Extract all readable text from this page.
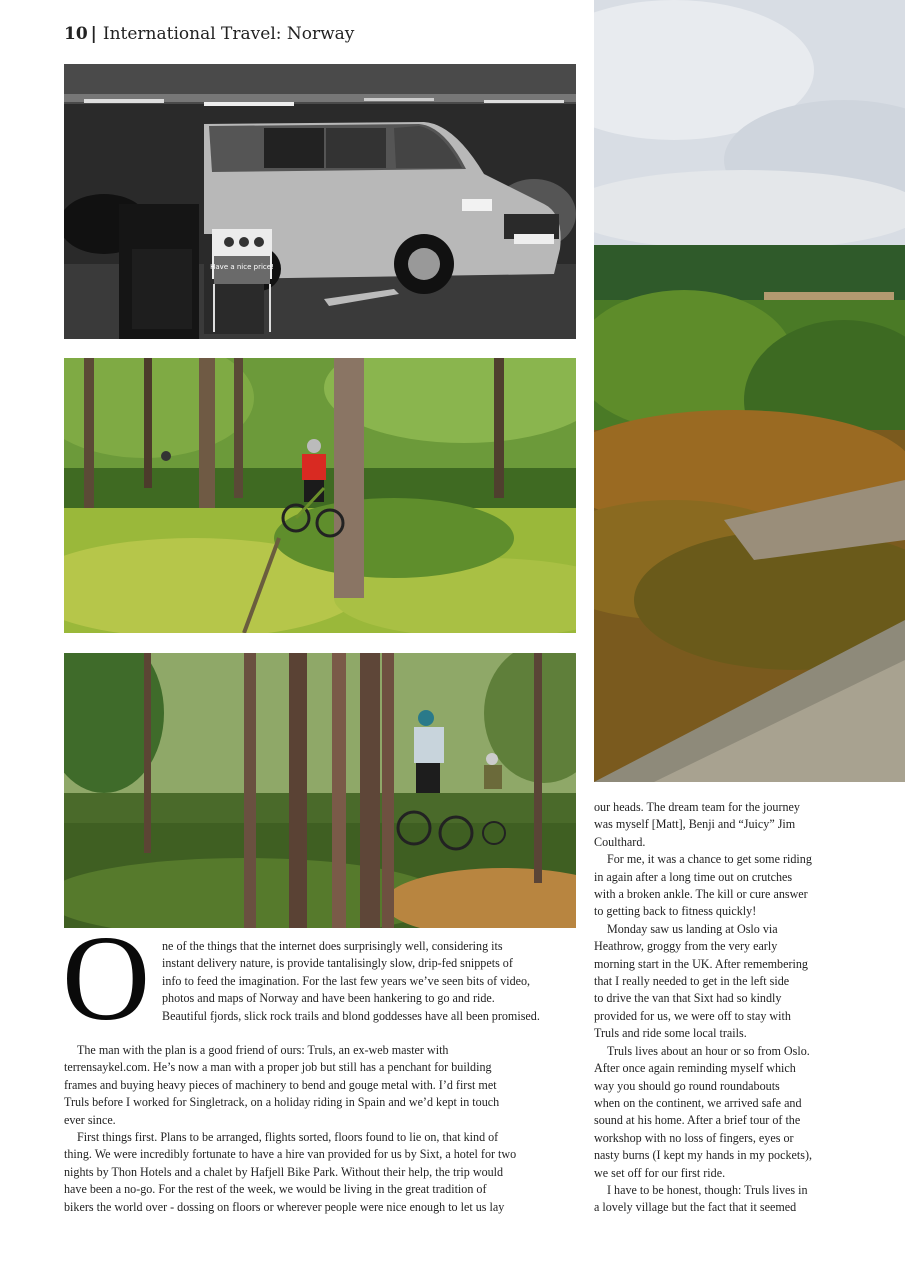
10 | International Travel: Norway
Have a nice price!
O ne of the things that the internet does surprisingly well, considering its

instant delivery nature, is provide tantalisingly slow, drip-fed snippets of

info to feed the imagination. For the last few years we’ve seen bits of video,

photos and maps of Norway and have been hankering to go and ride.

Beautiful fjords, slick rock trails and blond goddesses have all been promised.

The man with the plan is a good friend of ours: Truls, an ex-web master with

terrensaykel.com. He’s now a man with a proper job but still has a penchant for building

frames and buying heavy pieces of machinery to bend and gouge metal with. I’d first met

Truls before I worked for Singletrack, on a holiday riding in Spain and we’d kept in touch

ever since.

First things first. Plans to be arranged, flights sorted, floors found to lie on, that kind of

thing. We were incredibly fortunate to have a hire van provided for us by Sixt, a hotel for two

nights by Thon Hotels and a chalet by Hafjell Bike Park. Without their help, the trip would

have been a no-go. For the rest of the week, we would be living in the great tradition of

bikers the world over - dossing on floors or wherever people were nice enough to let us lay

our heads. The dream team for the journey

was myself [Matt], Benji and “Juicy” Jim

Coulthard.

For me, it was a chance to get some riding

in again after a long time out on crutches

with a broken ankle. The kill or cure answer

to getting back to fitness quickly!

Monday saw us landing at Oslo via

Heathrow, groggy from the very early

morning start in the UK. After remembering

that I really needed to get in the left side

to drive the van that Sixt had so kindly

provided for us, we were off to stay with

Truls and ride some local trails.

Truls lives about an hour or so from Oslo.

After once again reminding myself which

way you should go round roundabouts

when on the continent, we arrived safe and

sound at his home. After a brief tour of the

workshop with no loss of fingers, eyes or

nasty burns (I kept my hands in my pockets),

we set off for our first ride.

I have to be honest, though: Truls lives in

a lovely village but the fact that it seemed
